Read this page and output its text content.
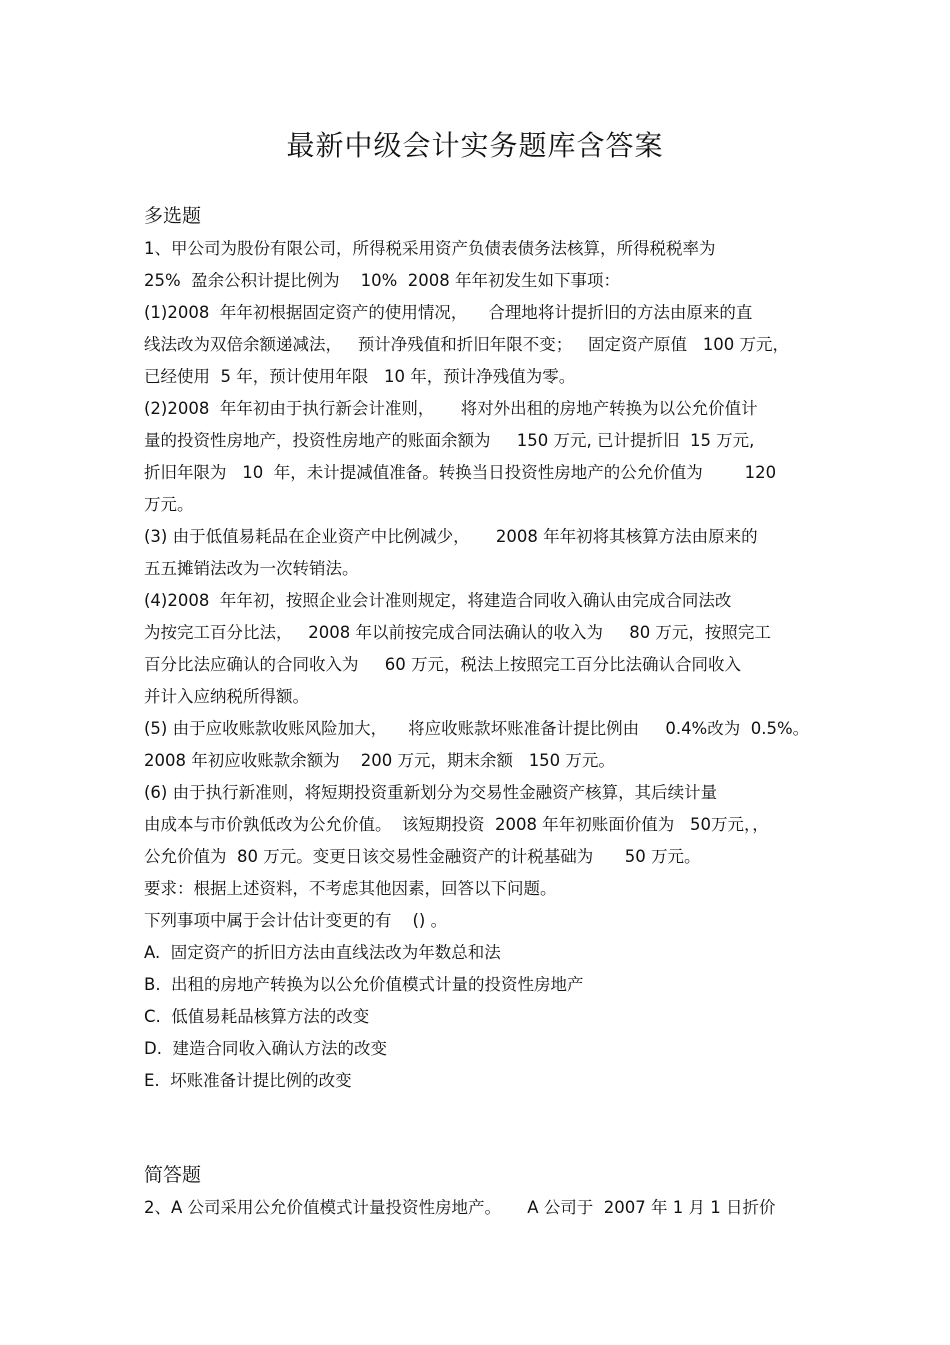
最新中级会计实务题库含答案
多选题
1、甲公司为股份有限公司，所得税采用资产负债表债务法核算，所得税税率为
25%  盈余公积计提比例为    10%  2008 年年初发生如下事项：
(1)2008  年年初根据固定资产的使用情况，    合理地将计提折旧的方法由原来的直
线法改为双倍余额递减法，   预计净残值和折旧年限不变；   固定资产原值   100 万元，
已经使用  5 年，预计使用年限   10 年，预计净残值为零。
(2)2008  年年初由于执行新会计准则，     将对外出租的房地产转换为以公允价值计
量的投资性房地产，投资性房地产的账面余额为     150 万元, 已计提折旧  15 万元,
折旧年限为   10  年，未计提减值准备。转换当日投资性房地产的公允价值为        120
万元。
(3) 由于低值易耗品在企业资产中比例减少，     2008 年年初将其核算方法由原来的
五五摊销法改为一次转销法。
(4)2008  年年初，按照企业会计准则规定，将建造合同收入确认由完成合同法改
为按完工百分比法，   2008 年以前按完成合同法确认的收入为     80 万元，按照完工
百分比法应确认的合同收入为     60 万元，税法上按照完工百分比法确认合同收入
并计入应纳税所得额。
(5) 由于应收账款收账风险加大，    将应收账款坏账准备计提比例由     0.4%改为  0.5%。
2008 年初应收账款余额为    200 万元，期末余额   150 万元。
(6) 由于执行新准则，将短期投资重新划分为交易性金融资产核算，其后续计量
由成本与市价孰低改为公允价值。  该短期投资  2008 年年初账面价值为   50万元，，
公允价值为  80 万元。变更日该交易性金融资产的计税基础为      50 万元。
要求：根据上述资料，不考虑其他因素，回答以下问题。
下列事项中属于会计估计变更的有    () 。
A.  固定资产的折旧方法由直线法改为年数总和法
B.  出租的房地产转换为以公允价值模式计量的投资性房地产
C.  低值易耗品核算方法的改变
D.  建造合同收入确认方法的改变
E.  坏账准备计提比例的改变
简答题
2、A 公司采用公允价值模式计量投资性房地产。     A 公司于  2007 年 1 月 1 日折价
